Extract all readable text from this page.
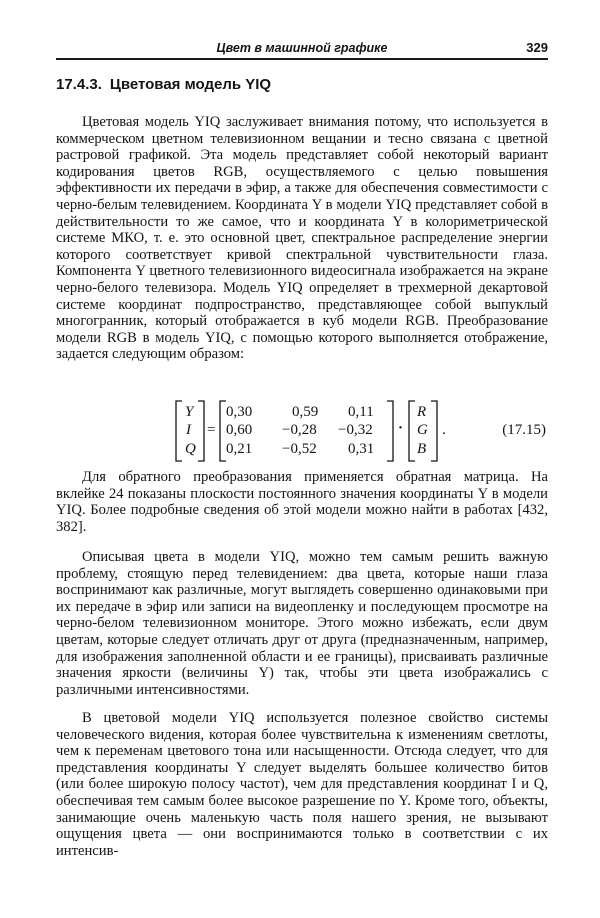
Цвет в машинной графике	329
17.4.3. Цветовая модель YIQ

Цветовая модель YIQ заслуживает внимания потому, что используется в коммерческом цветном телевизионном вещании и тесно связана с цветной растровой графикой. Эта модель представляет собой некоторый вариант кодирования цветов RGB, осуществляемого с целью повышения эффективности их передачи в эфир, а также для обеспечения совместимости с черно-белым телевидением. Координата Y в модели YIQ представляет собой в действительности то же самое, что и координата Y в колориметрической системе МКО, т. е. это основной цвет, спектральное распределение энергии которого соответствует кривой спектральной чувствительности глаза. Компонента Y цветного телевизионного видеосигнала изображается на экране черно-белого телевизора. Модель YIQ определяет в трехмерной декартовой системе координат подпространство, представляющее собой выпуклый многогранник, который отображается в куб модели RGB. Преобразование модели RGB в модель YIQ, с помощью которого выполняется отображение, задается следующим образом:

Y
I
Q
=
0,30	0,59 0,11
0,60 −0,28 −0,32
0,21 −0,52 0,31
·
R
G
B
.	(17.15)

Для обратного преобразования применяется обратная матрица. На вклейке 24 показаны плоскости постоянного значения координаты Y в модели YIQ. Более подробные сведения об этой модели можно найти в работах [432, 382].

Описывая цвета в модели YIQ, можно тем самым решить важную проблему, стоящую перед телевидением: два цвета, которые наши глаза воспринимают как различные, могут выглядеть совершенно одинаковыми при их передаче в эфир или записи на видеопленку и последующем просмотре на черно-белом телевизионном мониторе. Этого можно избежать, если двум цветам, которые следует отличать друг от друга (предназначенным, например, для изображения заполненной области и ее границы), присваивать различные значения яркости (величины Y) так, чтобы эти цвета изображались с различными интенсивностями.

В цветовой модели YIQ используется полезное свойство системы человеческого видения, которая более чувствительна к изменениям светлоты, чем к переменам цветового тона или насыщенности. Отсюда следует, что для представления координаты Y следует выделять большее количество битов (или более широкую полосу частот), чем для представления координат I и Q, обеспечивая тем самым более высокое разрешение по Y. Кроме того, объекты, занимающие очень маленькую часть поля нашего зрения, не вызывают ощущения цвета — они воспринимаются только в соответствии с их интенсив-
